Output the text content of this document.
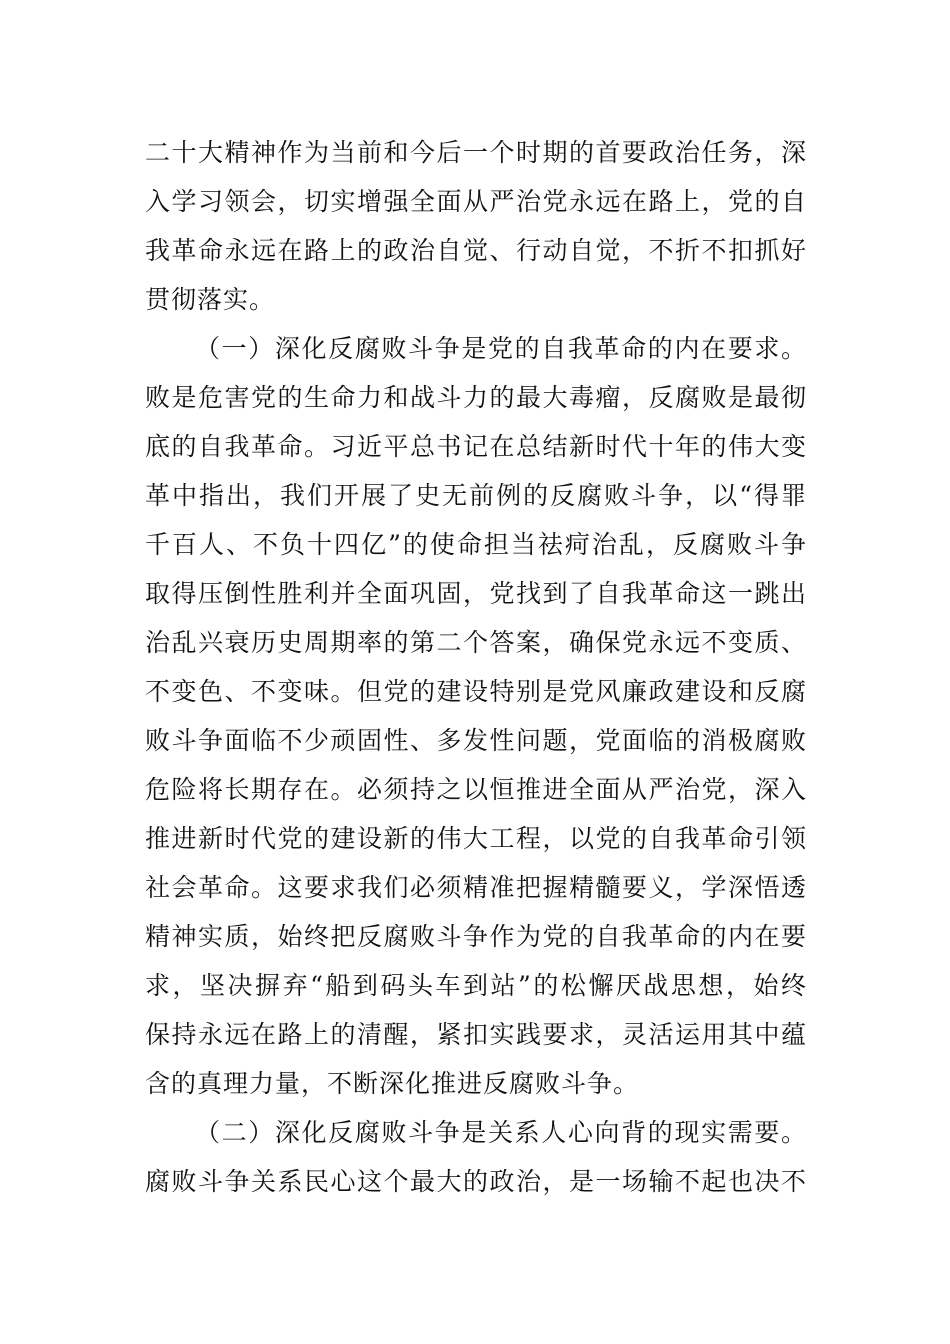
二十大精神作为当前和今后一个时期的首要政治任务，深
入学习领会，切实增强全面从严治党永远在路上，党的自
我革命永远在路上的政治自觉、行动自觉，不折不扣抓好
贯彻落实。
（一）深化反腐败斗争是党的自我革命的内在要求。
败是危害党的生命力和战斗力的最大毒瘤，反腐败是最彻
底的自我革命。习近平总书记在总结新时代十年的伟大变
革中指出，我们开展了史无前例的反腐败斗争，以“得罪
千百人、不负十四亿”的使命担当祛疴治乱，反腐败斗争
取得压倒性胜利并全面巩固，党找到了自我革命这一跳出
治乱兴衰历史周期率的第二个答案，确保党永远不变质、
不变色、不变味。但党的建设特别是党风廉政建设和反腐
败斗争面临不少顽固性、多发性问题，党面临的消极腐败
危险将长期存在。必须持之以恒推进全面从严治党，深入
推进新时代党的建设新的伟大工程，以党的自我革命引领
社会革命。这要求我们必须精准把握精髓要义，学深悟透
精神实质，始终把反腐败斗争作为党的自我革命的内在要
求，坚决摒弃“船到码头车到站”的松懈厌战思想，始终
保持永远在路上的清醒，紧扣实践要求，灵活运用其中蕴
含的真理力量，不断深化推进反腐败斗争。
（二）深化反腐败斗争是关系人心向背的现实需要。
腐败斗争关系民心这个最大的政治，是一场输不起也决不
